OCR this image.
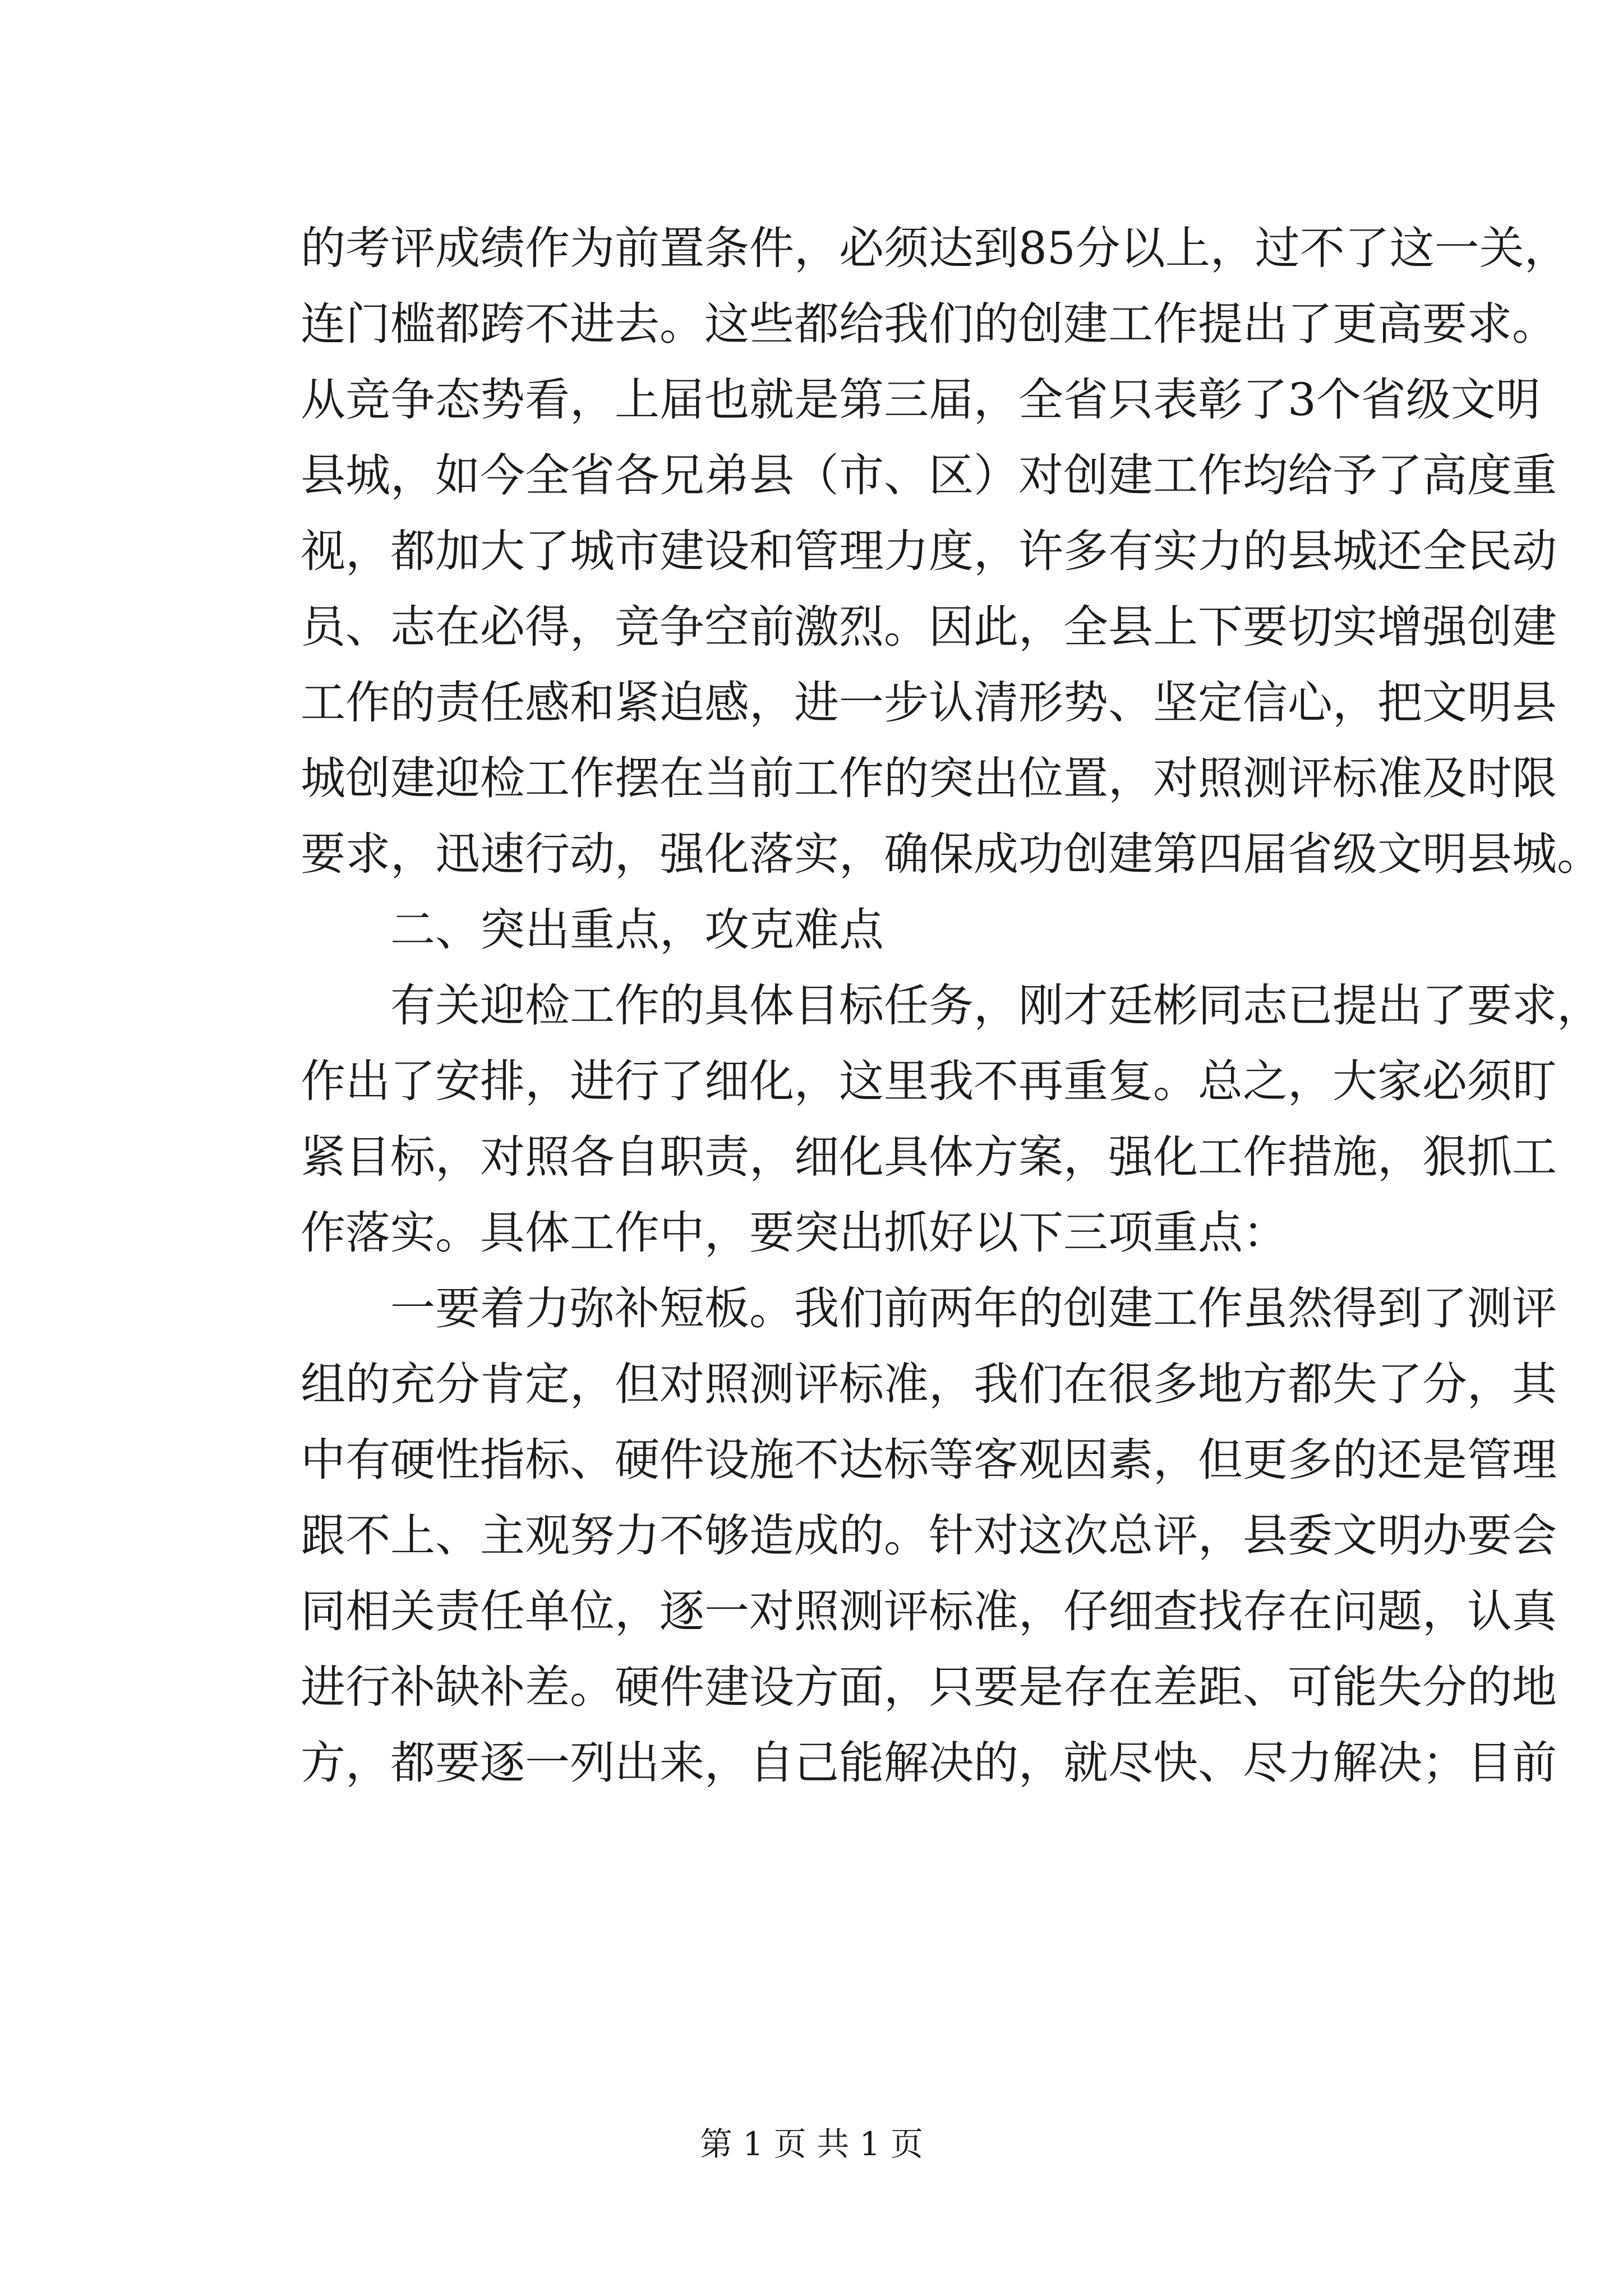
的考评成绩作为前置条件，必须达到85分以上，过不了这一关，
连门槛都跨不进去。这些都给我们的创建工作提出了更高要求。
从竞争态势看，上届也就是第三届，全省只表彰了3个省级文明
县城，如今全省各兄弟县（市、区）对创建工作均给予了高度重
视，都加大了城市建设和管理力度，许多有实力的县城还全民动
员、志在必得，竞争空前激烈。因此，全县上下要切实增强创建
工作的责任感和紧迫感，进一步认清形势、坚定信心，把文明县
城创建迎检工作摆在当前工作的突出位置，对照测评标准及时限
要求，迅速行动，强化落实，确保成功创建第四届省级文明县城。
二、突出重点，攻克难点
有关迎检工作的具体目标任务，刚才廷彬同志已提出了要求，
作出了安排，进行了细化，这里我不再重复。总之，大家必须盯
紧目标，对照各自职责，细化具体方案，强化工作措施，狠抓工
作落实。具体工作中，要突出抓好以下三项重点：
一要着力弥补短板。我们前两年的创建工作虽然得到了测评
组的充分肯定，但对照测评标准，我们在很多地方都失了分，其
中有硬性指标、硬件设施不达标等客观因素，但更多的还是管理
跟不上、主观努力不够造成的。针对这次总评，县委文明办要会
同相关责任单位，逐一对照测评标准，仔细查找存在问题，认真
进行补缺补差。硬件建设方面，只要是存在差距、可能失分的地
方，都要逐一列出来，自己能解决的，就尽快、尽力解决；目前
第 1 页 共 1 页
